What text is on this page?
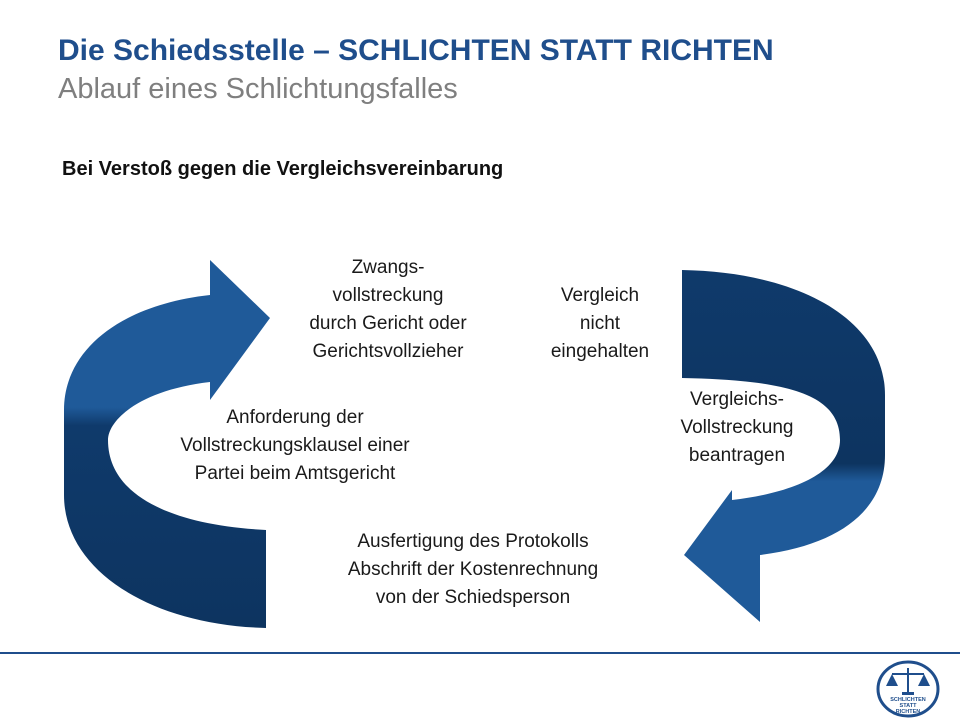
Die Schiedsstelle – SCHLICHTEN STATT RICHTEN
Ablauf eines Schlichtungsfalles
Bei Verstoß gegen die Vergleichsvereinbarung
Vergleich
nicht
eingehalten
Vergleichs-
Vollstreckung
beantragen
Ausfertigung des Protokolls
Abschrift der Kostenrechnung
von der Schiedsperson
Anforderung der
Vollstreckungsklausel einer
Partei beim Amtsgericht
Zwangs-
vollstreckung
durch Gericht oder
Gerichtsvollzieher
SCHLICHTEN
STATT
RICHTEN
